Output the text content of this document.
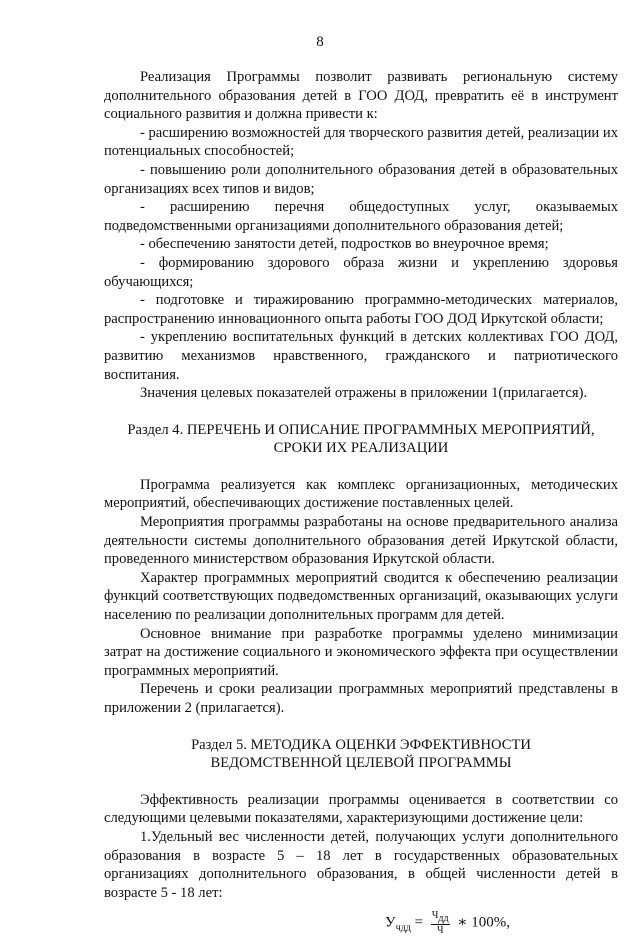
8

Реализация Программы позволит развивать региональную систему дополнительного образования детей в ГОО ДОД, превратить её в инструмент социального развития и должна привести к:

- расширению возможностей для творческого развития детей, реализации их потенциальных способностей;

- повышению роли дополнительного образования детей в образовательных организациях всех типов и видов;

- расширению перечня общедоступных услуг, оказываемых подведомственными организациями дополнительного образования детей;

- обеспечению занятости детей, подростков во внеурочное время;

- формированию здорового образа жизни и укреплению здоровья обучающихся;

- подготовке и тиражированию программно-методических материалов, распространению инновационного опыта работы ГОО ДОД Иркутской области;

- укреплению воспитательных функций в детских коллективах ГОО ДОД, развитию механизмов нравственного, гражданского и патриотического воспитания.

Значения целевых показателей отражены в приложении 1(прилагается).

Раздел 4. ПЕРЕЧЕНЬ И ОПИСАНИЕ ПРОГРАММНЫХ МЕРОПРИЯТИЙ,
СРОКИ ИХ РЕАЛИЗАЦИИ

Программа реализуется как комплекс организационных, методических мероприятий, обеспечивающих достижение поставленных целей.

Мероприятия программы разработаны на основе предварительного анализа деятельности системы дополнительного образования детей Иркутской области, проведенного министерством образования Иркутской области.

Характер программных мероприятий сводится к обеспечению реализации функций соответствующих подведомственных организаций, оказывающих услуги населению по реализации дополнительных программ для детей.

Основное внимание при разработке программы уделено минимизации затрат на достижение социального и экономического эффекта при осуществлении программных мероприятий.

Перечень и сроки реализации программных мероприятий представлены в приложении 2 (прилагается).

Раздел 5. МЕТОДИКА ОЦЕНКИ ЭФФЕКТИВНОСТИ
ВЕДОМСТВЕННОЙ ЦЕЛЕВОЙ ПРОГРАММЫ

Эффективность реализации программы оценивается в соответствии со следующими целевыми показателями, характеризующими достижение цели:

1.Удельный вес численности детей, получающих услуги дополнительного образования в возрасте 5 – 18 лет в государственных образовательных организациях дополнительного образования, в общей численности детей в возрасте 5 - 18 лет:

$У_{чдд} = \frac{Ч_{дд}}{Ч}$ ∗ 100%,
